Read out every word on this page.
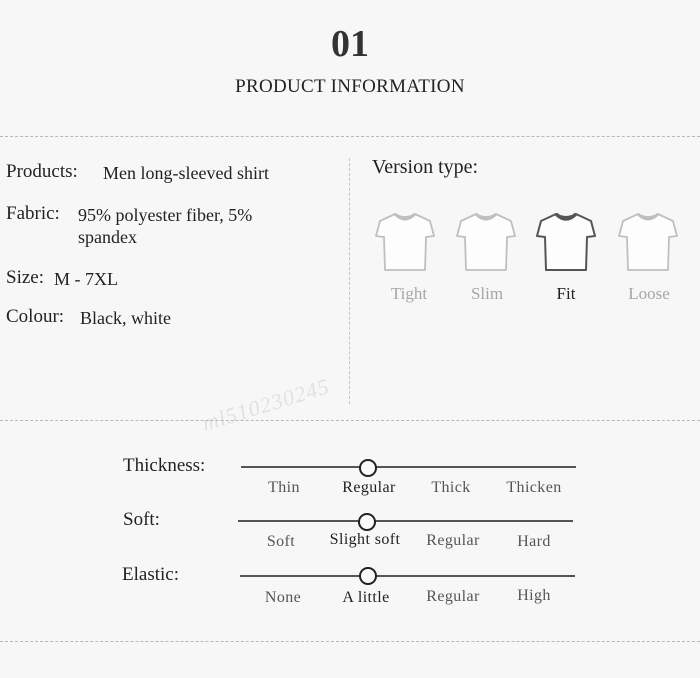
01
PRODUCT INFORMATION
Products: Men long-sleeved shirt
Fabric: 95% polyester fiber, 5% spandex
Size: M - 7XL
Colour: Black, white
Version type:
Tight	Slim	Fit	Loose
ml510230245
Thickness:
Thin	Regular	Thick	Thicken
Soft:
Soft	Slight soft	Regular	Hard
Elastic:
None	A little	Regular	High
